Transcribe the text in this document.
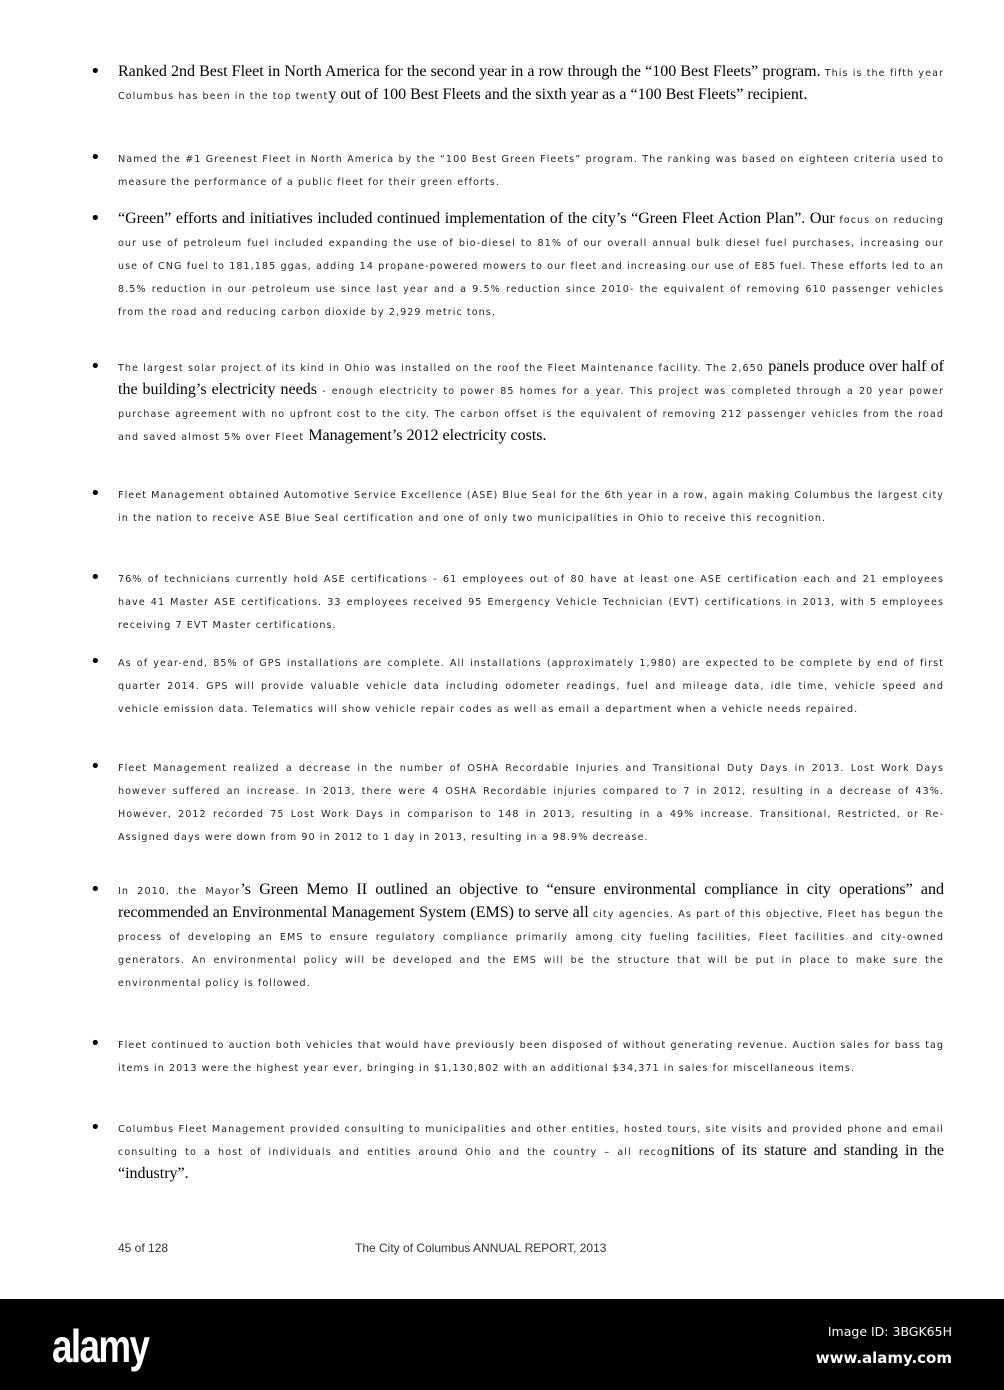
• Ranked 2nd Best Fleet in North America for the second year in a row through the “100 Best Fleets” program. This is the fifth year Columbus has been in the top twenty out of 100 Best Fleets and the sixth year as a “100 Best Fleets” recipient.
• Named the #1 Greenest Fleet in North America by the “100 Best Green Fleets” program. The ranking was based on eighteen criteria used to measure the performance of a public fleet for their green efforts.
• “Green” efforts and initiatives included continued implementation of the city’s “Green Fleet Action Plan”. Our focus on reducing our use of petroleum fuel included expanding the use of bio-diesel to 81% of our overall annual bulk diesel fuel purchases, increasing our use of CNG fuel to 181,185 ggas, adding 14 propane-powered mowers to our fleet and increasing our use of E85 fuel. These efforts led to an 8.5% reduction in our petroleum use since last year and a 9.5% reduction since 2010- the equivalent of removing 610 passenger vehicles from the road and reducing carbon dioxide by 2,929 metric tons.
• The largest solar project of its kind in Ohio was installed on the roof the Fleet Maintenance facility. The 2,650 panels produce over half of the building’s electricity needs - enough electricity to power 85 homes for a year. This project was completed through a 20 year power purchase agreement with no upfront cost to the city. The carbon offset is the equivalent of removing 212 passenger vehicles from the road and saved almost 5% over Fleet Management’s 2012 electricity costs.
• Fleet Management obtained Automotive Service Excellence (ASE) Blue Seal for the 6th year in a row, again making Columbus the largest city in the nation to receive ASE Blue Seal certification and one of only two municipalities in Ohio to receive this recognition.
• 76% of technicians currently hold ASE certifications - 61 employees out of 80 have at least one ASE certification each and 21 employees have 41 Master ASE certifications. 33 employees received 95 Emergency Vehicle Technician (EVT) certifications in 2013, with 5 employees receiving 7 EVT Master certifications.
• As of year-end, 85% of GPS installations are complete. All installations (approximately 1,980) are expected to be complete by end of first quarter 2014. GPS will provide valuable vehicle data including odometer readings, fuel and mileage data, idle time, vehicle speed and vehicle emission data. Telematics will show vehicle repair codes as well as email a department when a vehicle needs repaired.
• Fleet Management realized a decrease in the number of OSHA Recordable Injuries and Transitional Duty Days in 2013. Lost Work Days however suffered an increase. In 2013, there were 4 OSHA Recordable injuries compared to 7 in 2012, resulting in a decrease of 43%. However, 2012 recorded 75 Lost Work Days in comparison to 148 in 2013, resulting in a 49% increase. Transitional, Restricted, or Re-Assigned days were down from 90 in 2012 to 1 day in 2013, resulting in a 98.9% decrease.
• In 2010, the Mayor’s Green Memo II outlined an objective to “ensure environmental compliance in city operations” and recommended an Environmental Management System (EMS) to serve all city agencies. As part of this objective, Fleet has begun the process of developing an EMS to ensure regulatory compliance primarily among city fueling facilities, Fleet facilities and city-owned generators. An environmental policy will be developed and the EMS will be the structure that will be put in place to make sure the environmental policy is followed.
• Fleet continued to auction both vehicles that would have previously been disposed of without generating revenue. Auction sales for bass tag items in 2013 were the highest year ever, bringing in $1,130,802 with an additional $34,371 in sales for miscellaneous items.
• Columbus Fleet Management provided consulting to municipalities and other entities, hosted tours, site visits and provided phone and email consulting to a host of individuals and entities around Ohio and the country – all recognitions of its stature and standing in the “industry”.
45 of 128	The City of Columbus ANNUAL REPORT, 2013
alamy	Image ID: 3BGK65H
www.alamy.com
